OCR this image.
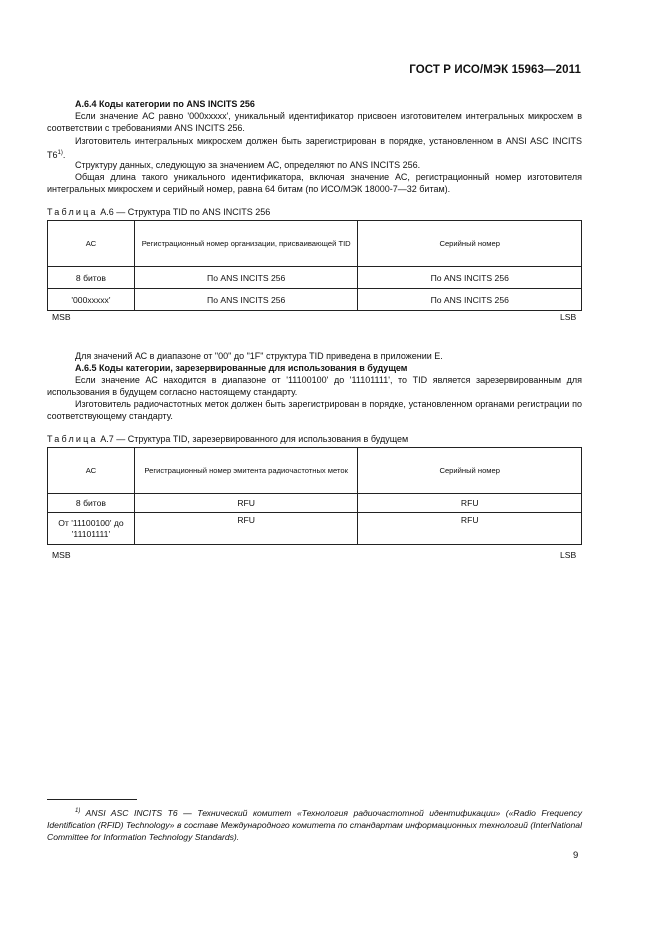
ГОСТ Р ИСО/МЭК 15963—2011
А.6.4 Коды категории по ANS INCITS 256
Если значение АС равно '000xxxxx', уникальный идентификатор присвоен изготовителем интегральных микросхем в соответствии с требованиями ANS INCITS 256.
Изготовитель интегральных микросхем должен быть зарегистрирован в порядке, установленном в ANSI ASC INCITS T6$^{1)}$.
Структуру данных, следующую за значением АС, определяют по ANS INCITS 256.
Общая длина такого уникального идентификатора, включая значение АС, регистрационный номер изготовителя интегральных микросхем и серийный номер, равна 64 битам (по ИСО/МЭК 18000-7—32 битам).
Таблица А.6 — Структура TID по ANS INCITS 256
АС	Регистрационный номер организации, присваивающей TID	Серийный номер
8 битов	По ANS INCITS 256	По ANS INCITS 256
'000xxxxx'	По ANS INCITS 256	По ANS INCITS 256
MSB	LSB
Для значений АС в диапазоне от "00" до "1F" структура TID приведена в приложении Е.
А.6.5 Коды категории, зарезервированные для использования в будущем
Если значение АС находится в диапазоне от '11100100' до '11101111', то TID является зарезервированным для использования в будущем согласно настоящему стандарту.
Изготовитель радиочастотных меток должен быть зарегистрирован в порядке, установленном органами регистрации по соответствующему стандарту.
Таблица А.7 — Структура TID, зарезервированного для использования в будущем
АС	Регистрационный номер эмитента радиочастотных меток	Серийный номер
8 битов	RFU	RFU
От '11100100' до '11101111'	RFU	RFU
MSB	LSB
$^{1)}$ ANSI ASC INCITS T6 — Технический комитет «Технология радиочастотной идентификации» («Radio Frequency Identification (RFID) Technology» в составе Международного комитета по стандартам информационных технологий (InterNational Committee for Information Technology Standards).
9
